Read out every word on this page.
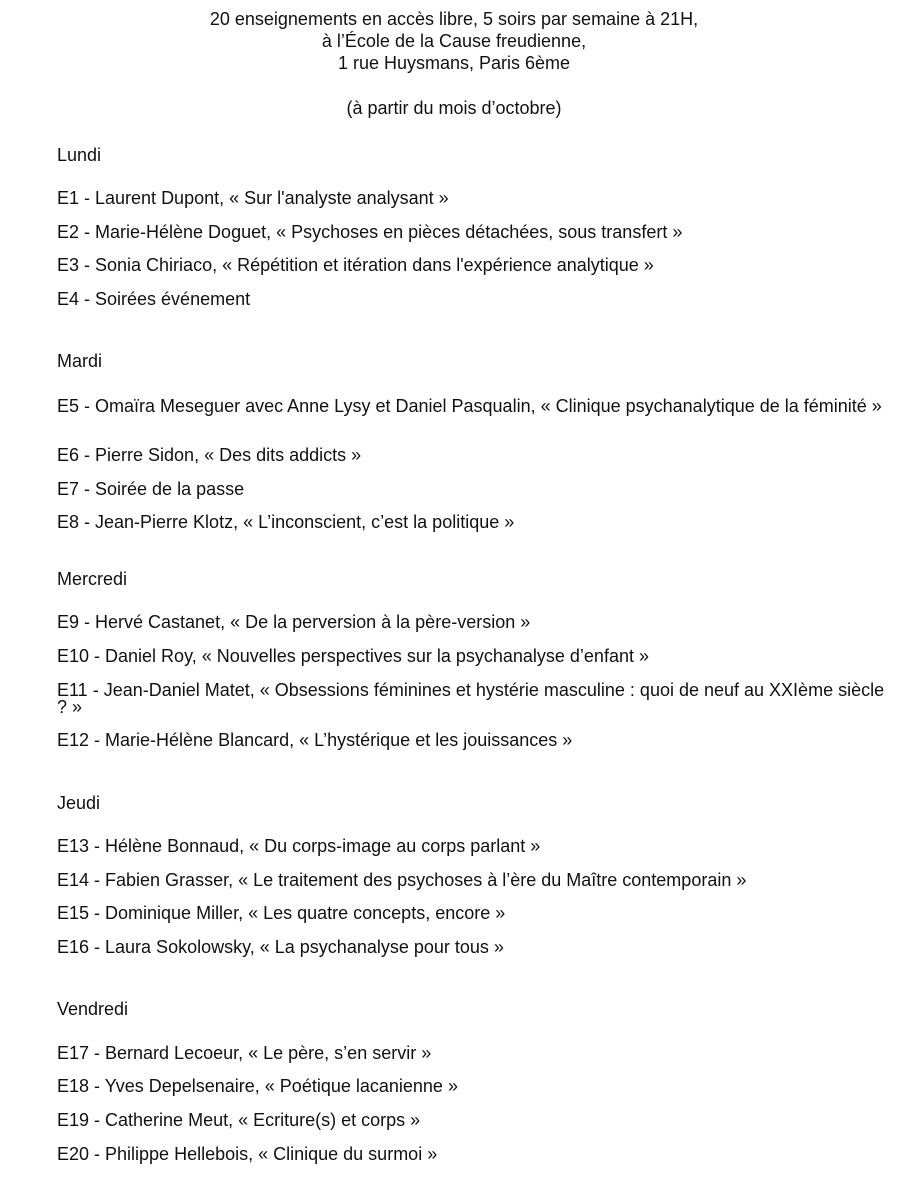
20 enseignements en accès libre, 5 soirs par semaine à 21H,
à l’École de la Cause freudienne,
1 rue Huysmans, Paris 6ème
(à partir du mois d’octobre)
Lundi
E1 - Laurent Dupont, « Sur l'analyste analysant »
E2 - Marie-Hélène Doguet, « Psychoses en pièces détachées, sous transfert »
E3 - Sonia Chiriaco, « Répétition et itération dans l'expérience analytique »
E4 - Soirées événement
Mardi
E5 - Omaïra Meseguer avec Anne Lysy et Daniel Pasqualin, « Clinique psychanalytique de la féminité »
E6 - Pierre Sidon, « Des dits addicts »
E7 - Soirée de la passe
E8 - Jean-Pierre Klotz, « L’inconscient, c’est la politique »
Mercredi
E9 - Hervé Castanet, « De la perversion à la père-version »
E10 - Daniel Roy, « Nouvelles perspectives sur la psychanalyse d’enfant »
E11 - Jean-Daniel Matet, « Obsessions féminines et hystérie masculine : quoi de neuf au XXIème siècle ? »
E12 - Marie-Hélène Blancard, « L’hystérique et les jouissances »
Jeudi
E13 - Hélène Bonnaud, « Du corps-image au corps parlant »
E14 - Fabien Grasser, « Le traitement des psychoses à l’ère du Maître contemporain »
E15 - Dominique Miller, « Les quatre concepts, encore »
E16 - Laura Sokolowsky, « La psychanalyse pour tous »
Vendredi
E17 - Bernard Lecoeur, « Le père, s’en servir »
E18 - Yves Depelsenaire, « Poétique lacanienne »
E19 - Catherine Meut, « Ecriture(s) et corps »
E20 - Philippe Hellebois, « Clinique du surmoi »
